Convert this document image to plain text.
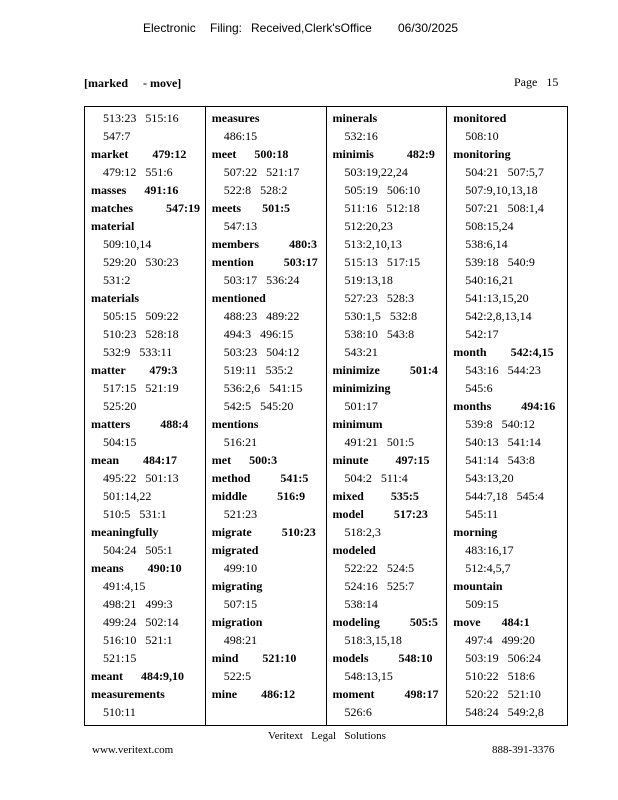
Electronic Filing: Received,Clerk'sOffice 06/30/2025
[marked     - move]	Page 15
513:23   515:16
547:7
market        479:12
479:12   551:6
masses      491:16
matches           547:19
material
509:10,14
529:20   530:23
531:2
materials
505:15   509:22
510:23   528:18
532:9   533:11
matter        479:3
517:15   521:19
525:20
matters          488:4
504:15
mean        484:17
495:22   501:13
501:14,22
510:5   531:1
meaningfully
504:24   505:1
means        490:10
491:4,15
498:21   499:3
499:24   502:14
516:10   521:1
521:15
meant      484:9,10
measurements
510:11
measures
486:15
meet      500:18
507:22   521:17
522:8   528:2
meets       501:5
547:13
members          480:3
mention          503:17
503:17   536:24
mentioned
488:23   489:22
494:3   496:15
503:23   504:12
519:11   535:2
536:2,6   541:15
542:5   545:20
mentions
516:21
met      500:3
method          541:5
middle          516:9
521:23
migrate          510:23
migrated
499:10
migrating
507:15
migration
498:21
mind        521:10
522:5
mine        486:12
minerals
532:16
minimis           482:9
503:19,22,24
505:19   506:10
511:16   512:18
512:20,23
513:2,10,13
515:13   517:15
519:13,18
527:23   528:3
530:1,5   532:8
538:10   543:8
543:21
minimize          501:4
minimizing
501:17
minimum
491:21   501:5
minute         497:15
504:2   511:4
mixed         535:5
model          517:23
518:2,3
modeled
522:22   524:5
524:16   525:7
538:14
modeling          505:5
518:3,15,18
models          548:10
548:13,15
moment          498:17
526:6
monitored
508:10
monitoring
504:21   507:5,7
507:9,10,13,18
507:21   508:1,4
508:15,24
538:6,14
539:18   540:9
540:16,21
541:13,15,20
542:2,8,13,14
542:17
month        542:4,15
543:16   544:23
545:6
months          494:16
539:8   540:12
540:13   541:14
541:14   543:8
543:13,20
544:7,18   545:4
545:11
morning
483:16,17
512:4,5,7
mountain
509:15
move       484:1
497:4   499:20
503:19   506:24
510:22   518:6
520:22   521:10
548:24   549:2,8
Veritext   Legal   Solutions
www.veritext.com	888-391-3376
